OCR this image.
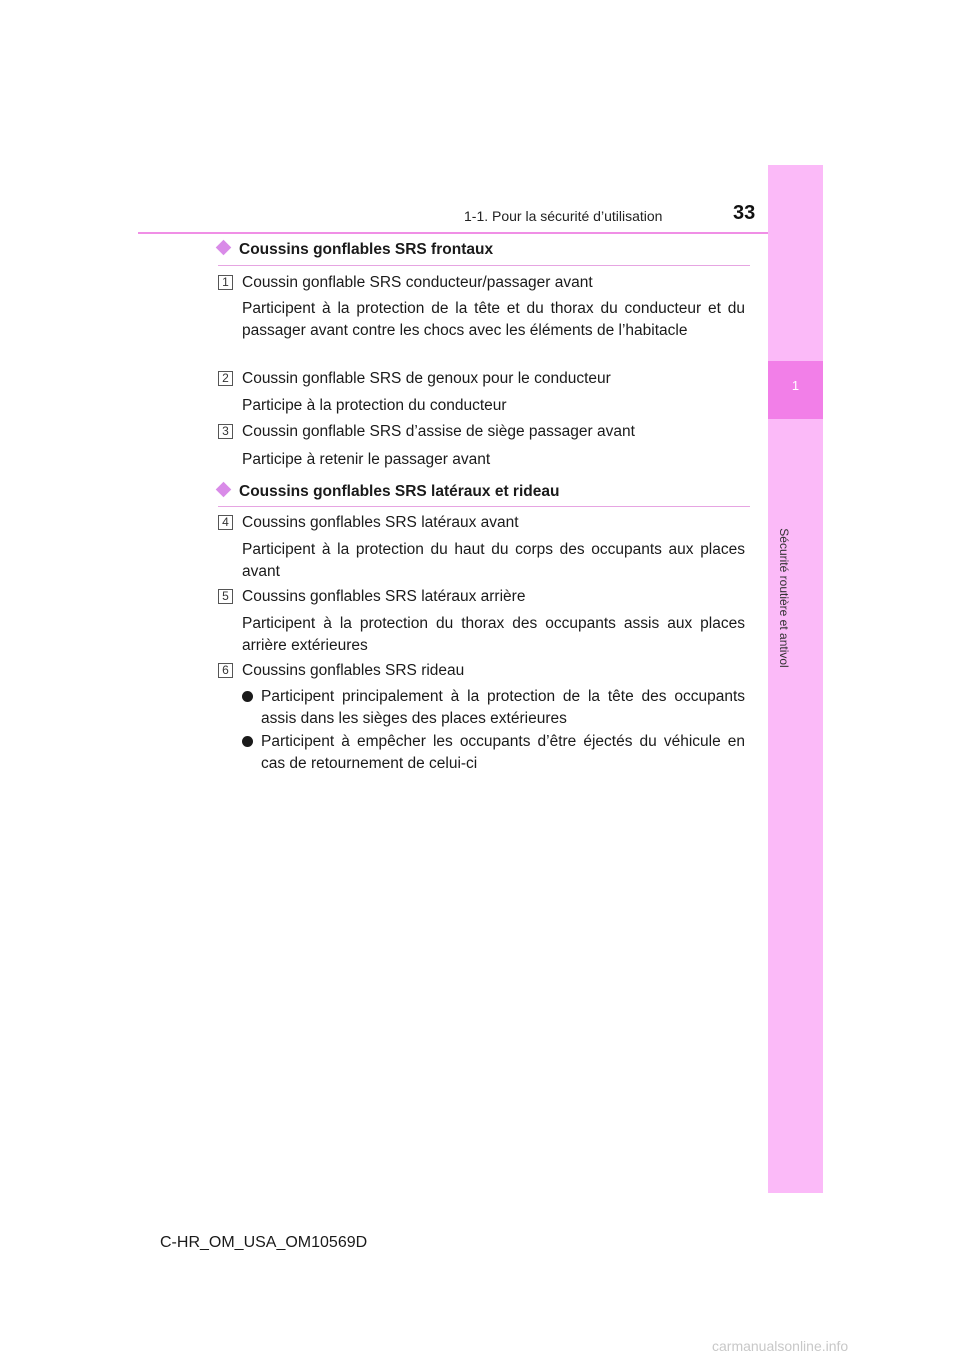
1-1. Pour la sécurité d’utilisation	33
1
Sécurité routière et antivol
Coussins gonflables SRS frontaux
1 Coussin gonflable SRS conducteur/passager avant
Participent à la protection de la tête et du thorax du conducteur et du passager avant contre les chocs avec les éléments de l’habitacle
2 Coussin gonflable SRS de genoux pour le conducteur
Participe à la protection du conducteur
3 Coussin gonflable SRS d’assise de siège passager avant
Participe à retenir le passager avant
Coussins gonflables SRS latéraux et rideau
4 Coussins gonflables SRS latéraux avant
Participent à la protection du haut du corps des occupants aux places avant
5 Coussins gonflables SRS latéraux arrière
Participent à la protection du thorax des occupants assis aux places arrière extérieures
6 Coussins gonflables SRS rideau
Participent principalement à la protection de la tête des occupants assis dans les sièges des places extérieures
Participent à empêcher les occupants d’être éjectés du véhicule en cas de retournement de celui-ci
C-HR_OM_USA_OM10569D
carmanualsonline.info
